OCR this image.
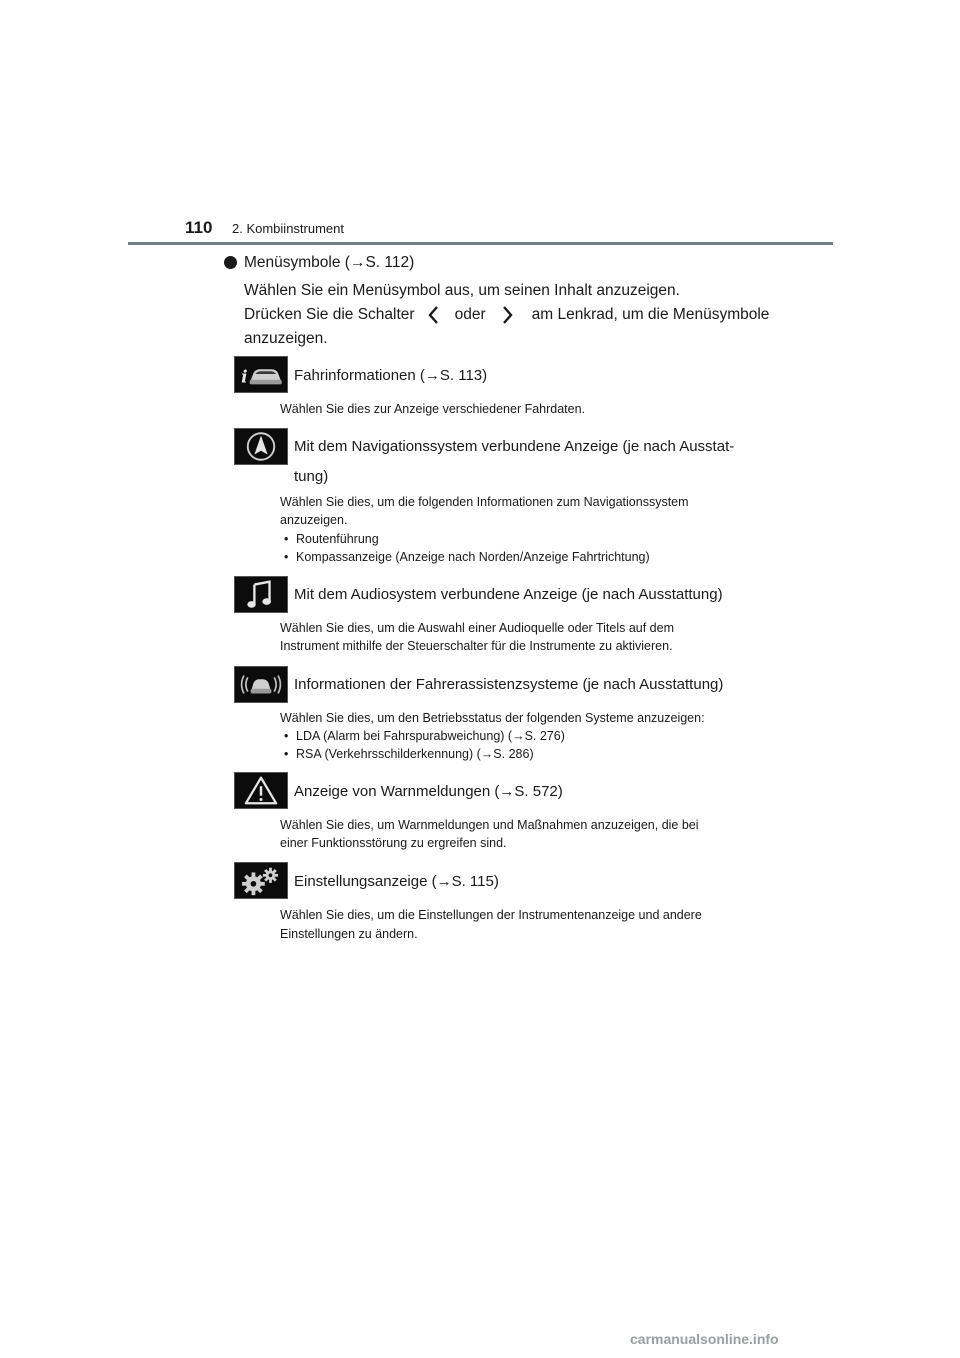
110 2. Kombiinstrument
Menüsymbole (→S. 112)
Wählen Sie ein Menüsymbol aus, um seinen Inhalt anzuzeigen.
Drücken Sie die Schalter	oder	am Lenkrad, um die Menüsymbole
anzuzeigen.
i	Fahrinformationen (→S. 113)
Wählen Sie dies zur Anzeige verschiedener Fahrdaten.
Mit dem Navigationssystem verbundene Anzeige (je nach Ausstat-
tung)
Wählen Sie dies, um die folgenden Informationen zum Navigationssystem
anzuzeigen.
• Routenführung
• Kompassanzeige (Anzeige nach Norden/Anzeige Fahrtrichtung)
Mit dem Audiosystem verbundene Anzeige (je nach Ausstattung)
Wählen Sie dies, um die Auswahl einer Audioquelle oder Titels auf dem
Instrument mithilfe der Steuerschalter für die Instrumente zu aktivieren.
Informationen der Fahrerassistenzsysteme (je nach Ausstattung)
Wählen Sie dies, um den Betriebsstatus der folgenden Systeme anzuzeigen:
• LDA (Alarm bei Fahrspurabweichung) (→S. 276)
• RSA (Verkehrsschilderkennung) (→S. 286)
Anzeige von Warnmeldungen (→S. 572)
Wählen Sie dies, um Warnmeldungen und Maßnahmen anzuzeigen, die bei
einer Funktionsstörung zu ergreifen sind.
Einstellungsanzeige (→S. 115)
Wählen Sie dies, um die Einstellungen der Instrumentenanzeige und andere
Einstellungen zu ändern.
carmanualsonline.info
